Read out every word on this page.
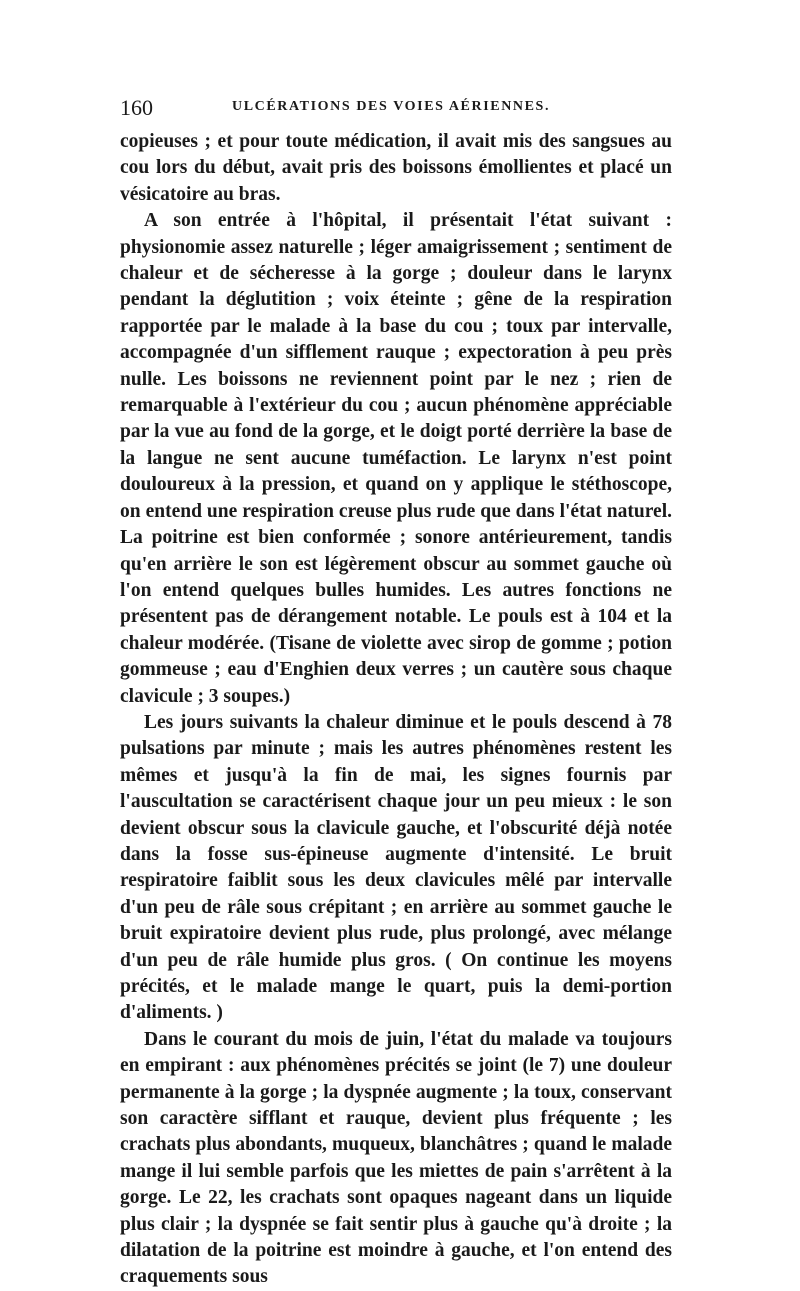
160	ULCÉRATIONS DES VOIES AÉRIENNES.

copieuses ; et pour toute médication, il avait mis des sangsues au cou lors du début, avait pris des boissons émollientes et placé un vésicatoire au bras.

A son entrée à l'hôpital, il présentait l'état suivant : physionomie assez naturelle ; léger amaigrissement ; sentiment de chaleur et de sécheresse à la gorge ; douleur dans le larynx pendant la déglutition ; voix éteinte ; gêne de la respiration rapportée par le malade à la base du cou ; toux par intervalle, accompagnée d'un sifflement rauque ; expectoration à peu près nulle. Les boissons ne reviennent point par le nez ; rien de remarquable à l'extérieur du cou ; aucun phénomène appréciable par la vue au fond de la gorge, et le doigt porté derrière la base de la langue ne sent aucune tuméfaction. Le larynx n'est point douloureux à la pression, et quand on y applique le stéthoscope, on entend une respiration creuse plus rude que dans l'état naturel. La poitrine est bien conformée ; sonore antérieurement, tandis qu'en arrière le son est légèrement obscur au sommet gauche où l'on entend quelques bulles humides. Les autres fonctions ne présentent pas de dérangement notable. Le pouls est à 104 et la chaleur modérée. (Tisane de violette avec sirop de gomme ; potion gommeuse ; eau d'Enghien deux verres ; un cautère sous chaque clavicule ; 3 soupes.)

Les jours suivants la chaleur diminue et le pouls descend à 78 pulsations par minute ; mais les autres phénomènes restent les mêmes et jusqu'à la fin de mai, les signes fournis par l'auscultation se caractérisent chaque jour un peu mieux : le son devient obscur sous la clavicule gauche, et l'obscurité déjà notée dans la fosse sus-épineuse augmente d'intensité. Le bruit respiratoire faiblit sous les deux clavicules mêlé par intervalle d'un peu de râle sous crépitant ; en arrière au sommet gauche le bruit expiratoire devient plus rude, plus prolongé, avec mélange d'un peu de râle humide plus gros. ( On continue les moyens précités, et le malade mange le quart, puis la demi-portion d'aliments. )

Dans le courant du mois de juin, l'état du malade va toujours en empirant : aux phénomènes précités se joint (le 7) une douleur permanente à la gorge ; la dyspnée augmente ; la toux, conservant son caractère sifflant et rauque, devient plus fréquente ; les crachats plus abondants, muqueux, blanchâtres ; quand le malade mange il lui semble parfois que les miettes de pain s'arrêtent à la gorge. Le 22, les crachats sont opaques nageant dans un liquide plus clair ; la dyspnée se fait sentir plus à gauche qu'à droite ; la dilatation de la poitrine est moindre à gauche, et l'on entend des craquements sous
